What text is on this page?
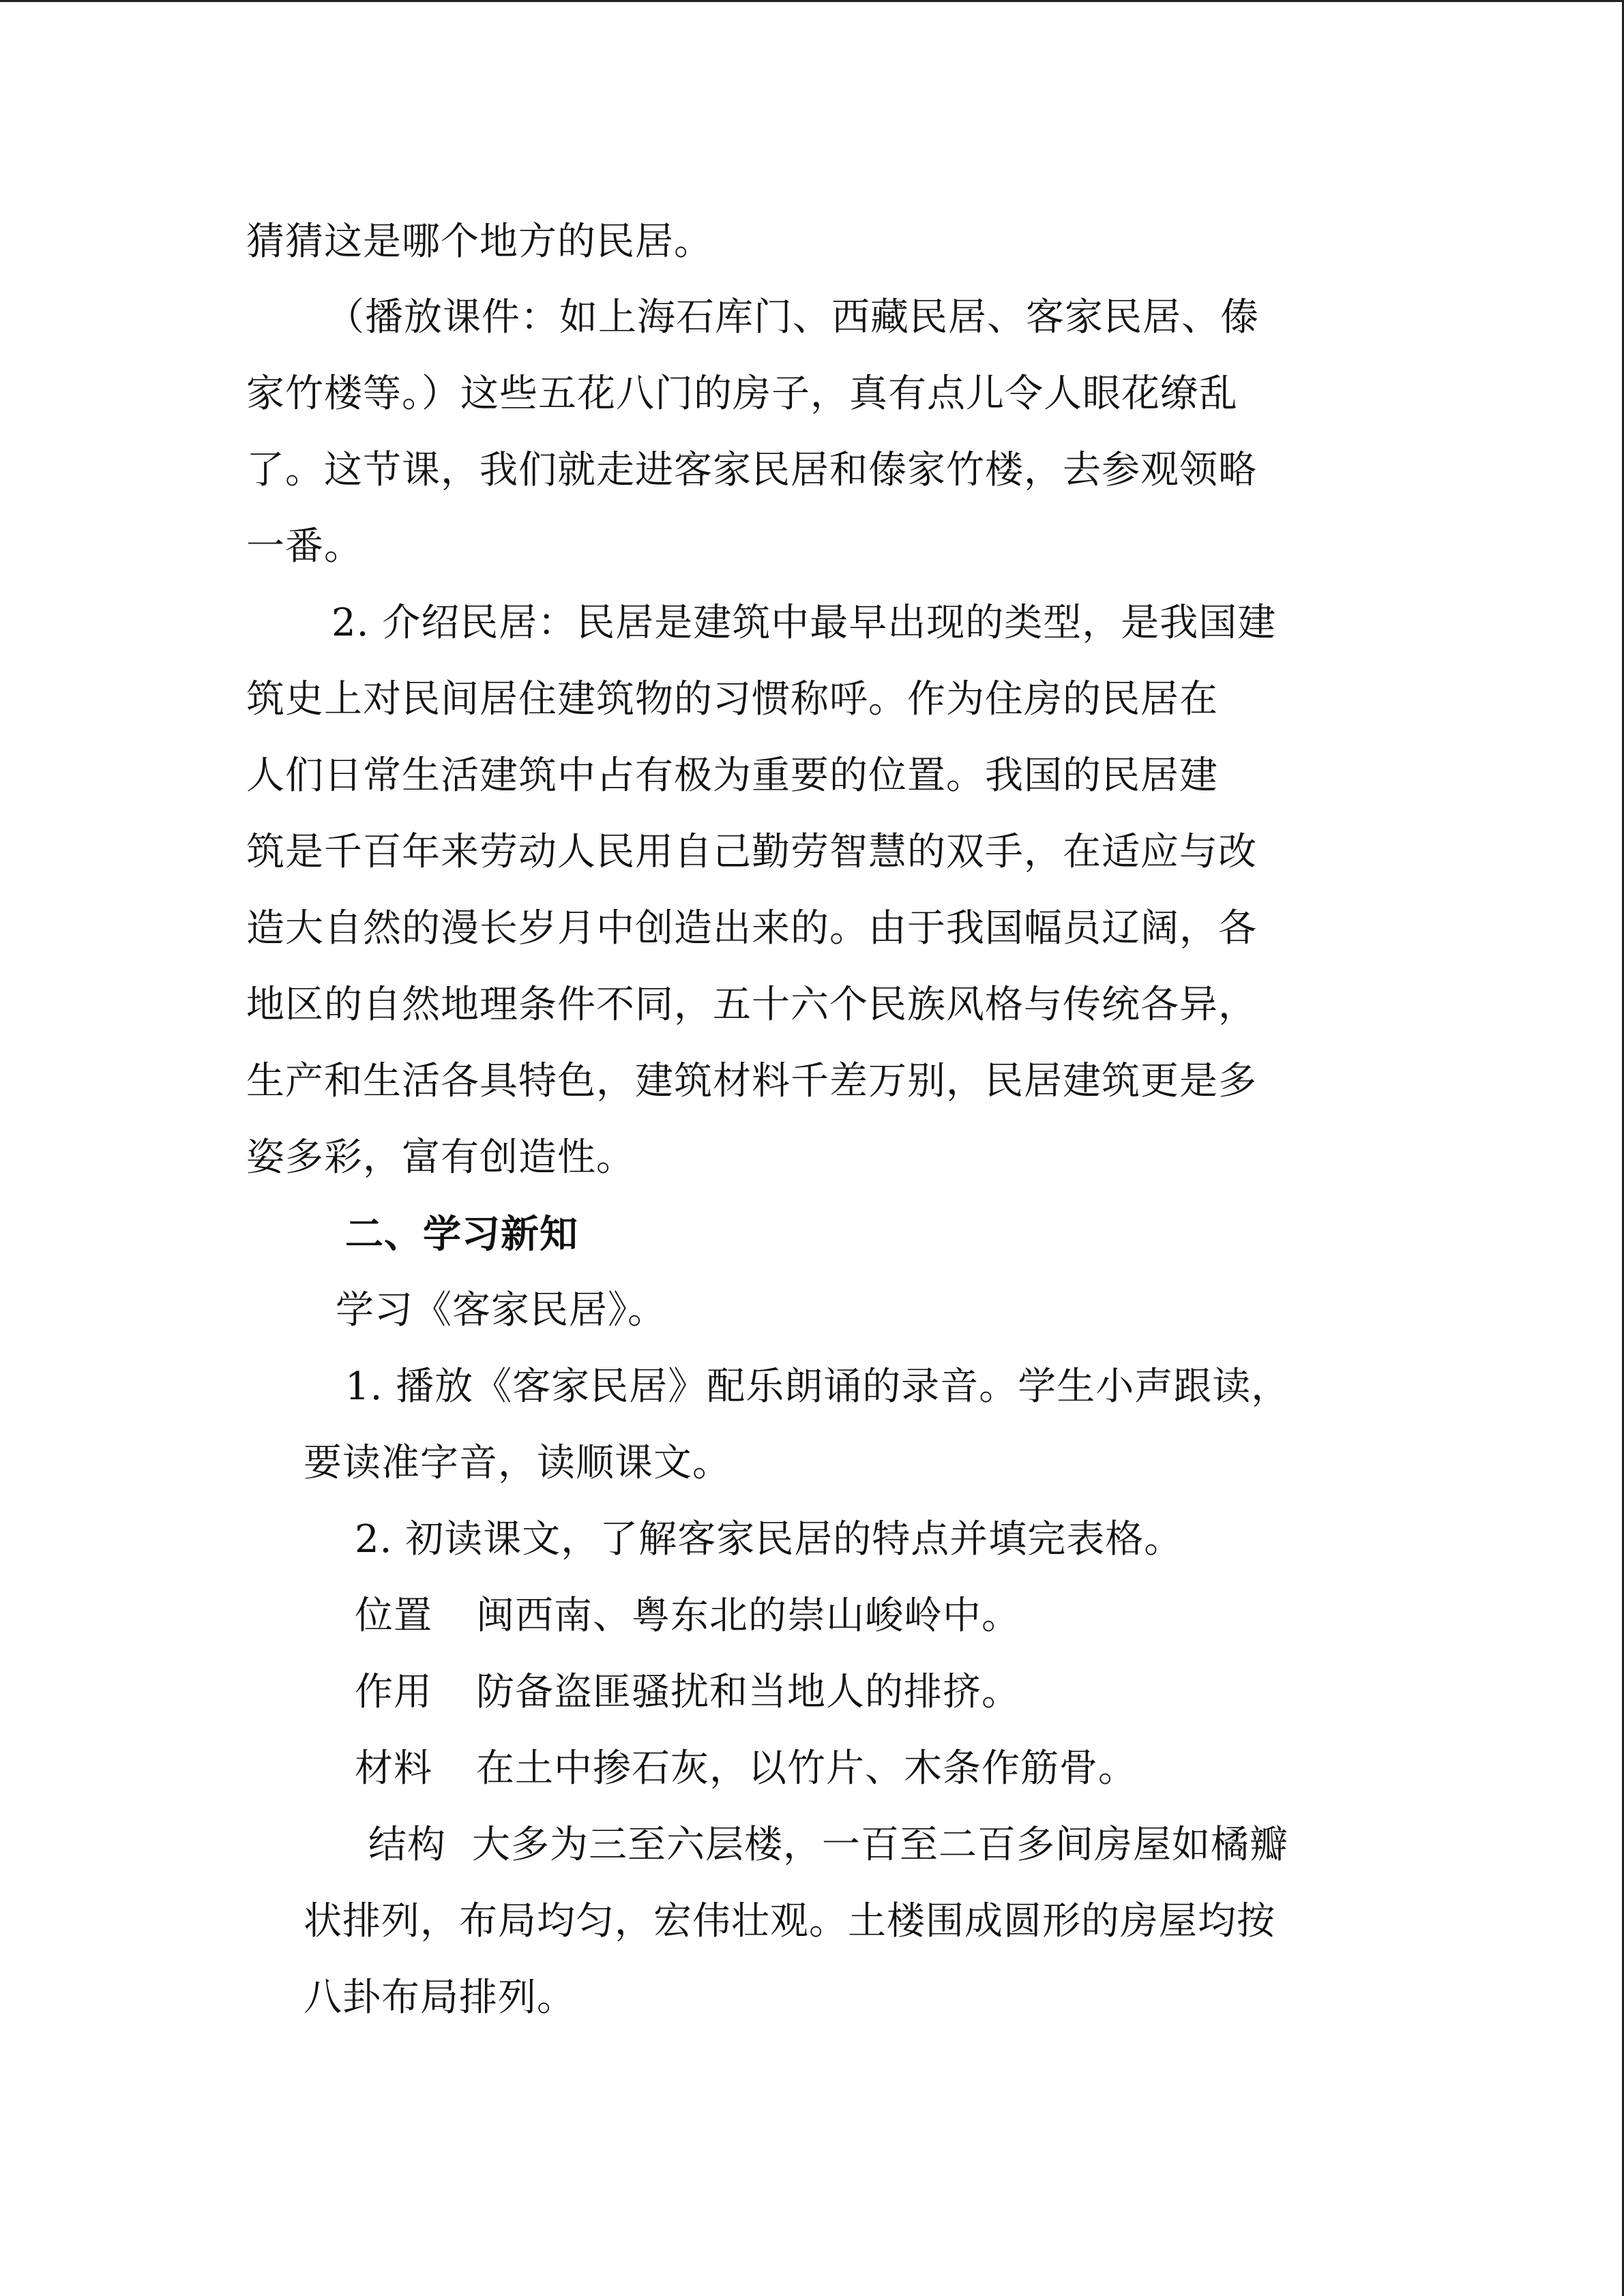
猜猜这是哪个地方的民居。
（播放课件：如上海石库门、西藏民居、客家民居、傣
家竹楼等。）这些五花八门的房子，真有点儿令人眼花缭乱
了。这节课，我们就走进客家民居和傣家竹楼，去参观领略
一番。
2. 介绍民居：民居是建筑中最早出现的类型，是我国建
筑史上对民间居住建筑物的习惯称呼。作为住房的民居在
人们日常生活建筑中占有极为重要的位置。我国的民居建
筑是千百年来劳动人民用自己勤劳智慧的双手，在适应与改
造大自然的漫长岁月中创造出来的。由于我国幅员辽阔，各
地区的自然地理条件不同，五十六个民族风格与传统各异，
生产和生活各具特色，建筑材料千差万别，民居建筑更是多
姿多彩，富有创造性。
二、学习新知
学习《客家民居》。
1. 播放《客家民居》配乐朗诵的录音。学生小声跟读，
要读准字音，读顺课文。
2. 初读课文，了解客家民居的特点并填完表格。
位置 闽西南、粤东北的崇山峻岭中。
作用 防备盗匪骚扰和当地人的排挤。
材料 在土中掺石灰，以竹片、木条作筋骨。
结构 大多为三至六层楼，一百至二百多间房屋如橘瓣
状排列，布局均匀，宏伟壮观。土楼围成圆形的房屋均按
八卦布局排列。
